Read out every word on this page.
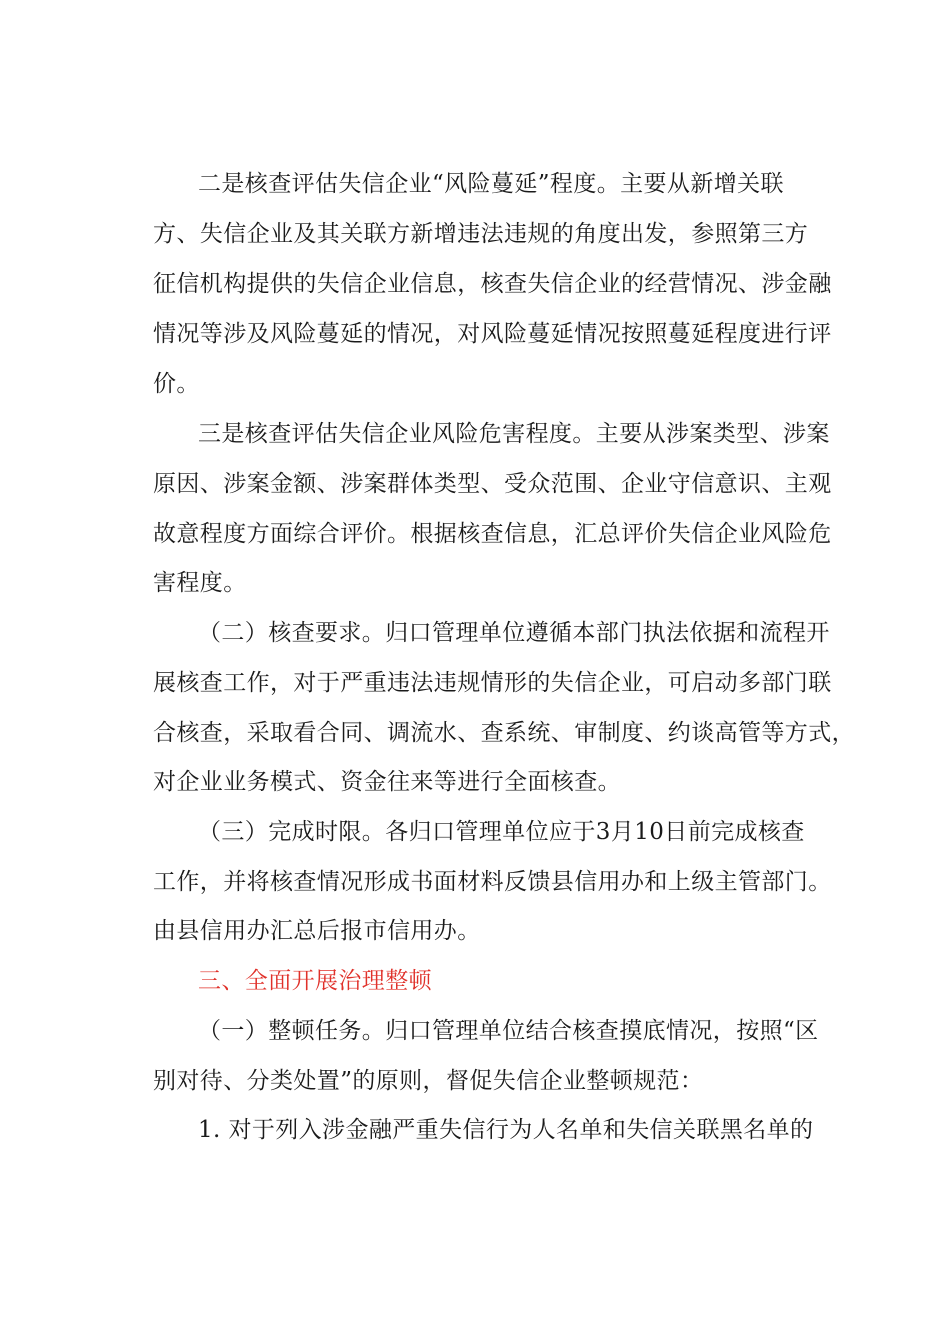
二是核查评估失信企业“风险蔓延”程度。主要从新增关联
方、失信企业及其关联方新增违法违规的角度出发，参照第三方
征信机构提供的失信企业信息，核查失信企业的经营情况、涉金融
情况等涉及风险蔓延的情况，对风险蔓延情况按照蔓延程度进行评
价。
三是核查评估失信企业风险危害程度。主要从涉案类型、涉案
原因、涉案金额、涉案群体类型、受众范围、企业守信意识、主观
故意程度方面综合评价。根据核查信息，汇总评价失信企业风险危
害程度。
（二）核查要求。归口管理单位遵循本部门执法依据和流程开
展核查工作，对于严重违法违规情形的失信企业，可启动多部门联
合核查，采取看合同、调流水、查系统、审制度、约谈高管等方式，
对企业业务模式、资金往来等进行全面核查。
（三）完成时限。各归口管理单位应于3月10日前完成核查
工作，并将核查情况形成书面材料反馈县信用办和上级主管部门。
由县信用办汇总后报市信用办。
三、全面开展治理整顿
（一）整顿任务。归口管理单位结合核查摸底情况，按照“区
别对待、分类处置”的原则，督促失信企业整顿规范：
1. 对于列入涉金融严重失信行为人名单和失信关联黑名单的
